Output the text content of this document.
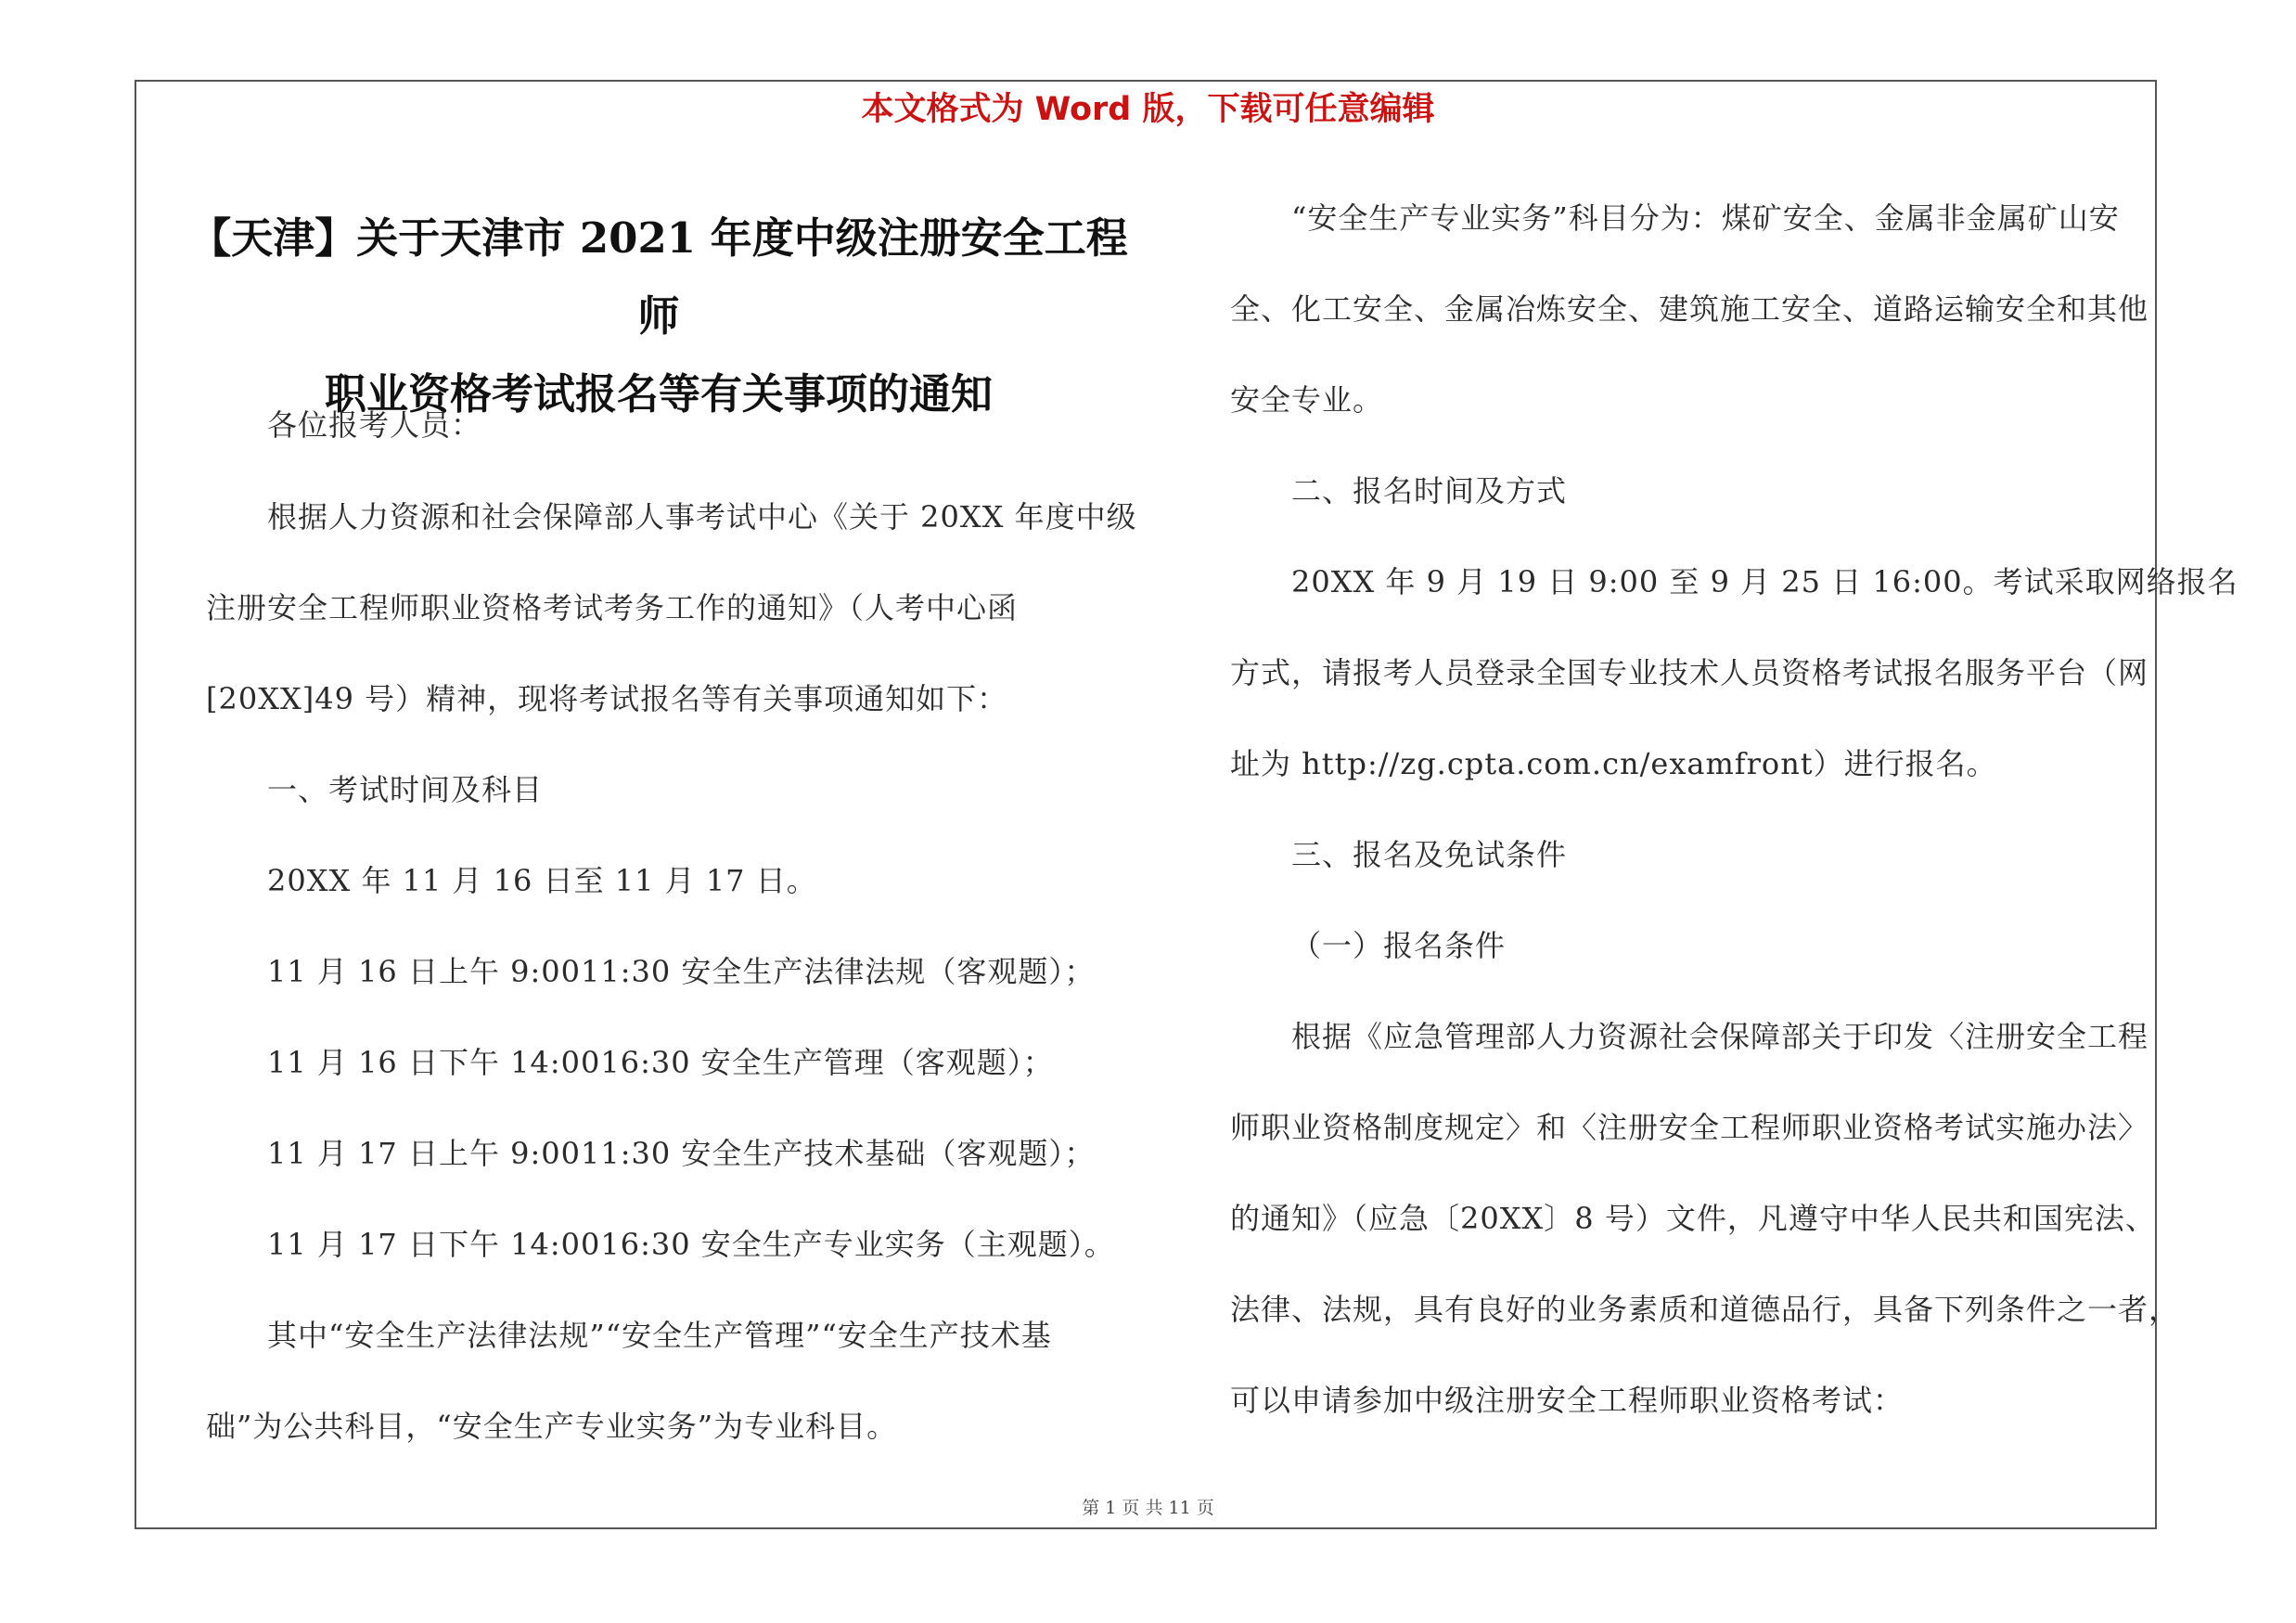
本文格式为 Word 版，下载可任意编辑
【天津】关于天津市 2021 年度中级注册安全工程师
职业资格考试报名等有关事项的通知
各位报考人员：
根据人力资源和社会保障部人事考试中心《关于 20XX 年度中级
注册安全工程师职业资格考试考务工作的通知》（人考中心函
[20XX]49 号）精神，现将考试报名等有关事项通知如下：
一、考试时间及科目
20XX 年 11 月 16 日至 11 月 17 日。
11 月 16 日上午 9:0011:30 安全生产法律法规（客观题）；
11 月 16 日下午 14:0016:30 安全生产管理（客观题）；
11 月 17 日上午 9:0011:30 安全生产技术基础（客观题）；
11 月 17 日下午 14:0016:30 安全生产专业实务（主观题）。
其中“安全生产法律法规”“安全生产管理”“安全生产技术基
础”为公共科目，“安全生产专业实务”为专业科目。
“安全生产专业实务”科目分为：煤矿安全、金属非金属矿山安
全、化工安全、金属冶炼安全、建筑施工安全、道路运输安全和其他
安全专业。
二、报名时间及方式
20XX 年 9 月 19 日 9:00 至 9 月 25 日 16:00。考试采取网络报名
方式，请报考人员登录全国专业技术人员资格考试报名服务平台（网
址为 http://zg.cpta.com.cn/examfront）进行报名。
三、报名及免试条件
（一）报名条件
根据《应急管理部人力资源社会保障部关于印发〈注册安全工程
师职业资格制度规定〉和〈注册安全工程师职业资格考试实施办法〉
的通知》（应急〔20XX〕8 号）文件，凡遵守中华人民共和国宪法、
法律、法规，具有良好的业务素质和道德品行，具备下列条件之一者，
可以申请参加中级注册安全工程师职业资格考试：
第 1 页 共 11 页
